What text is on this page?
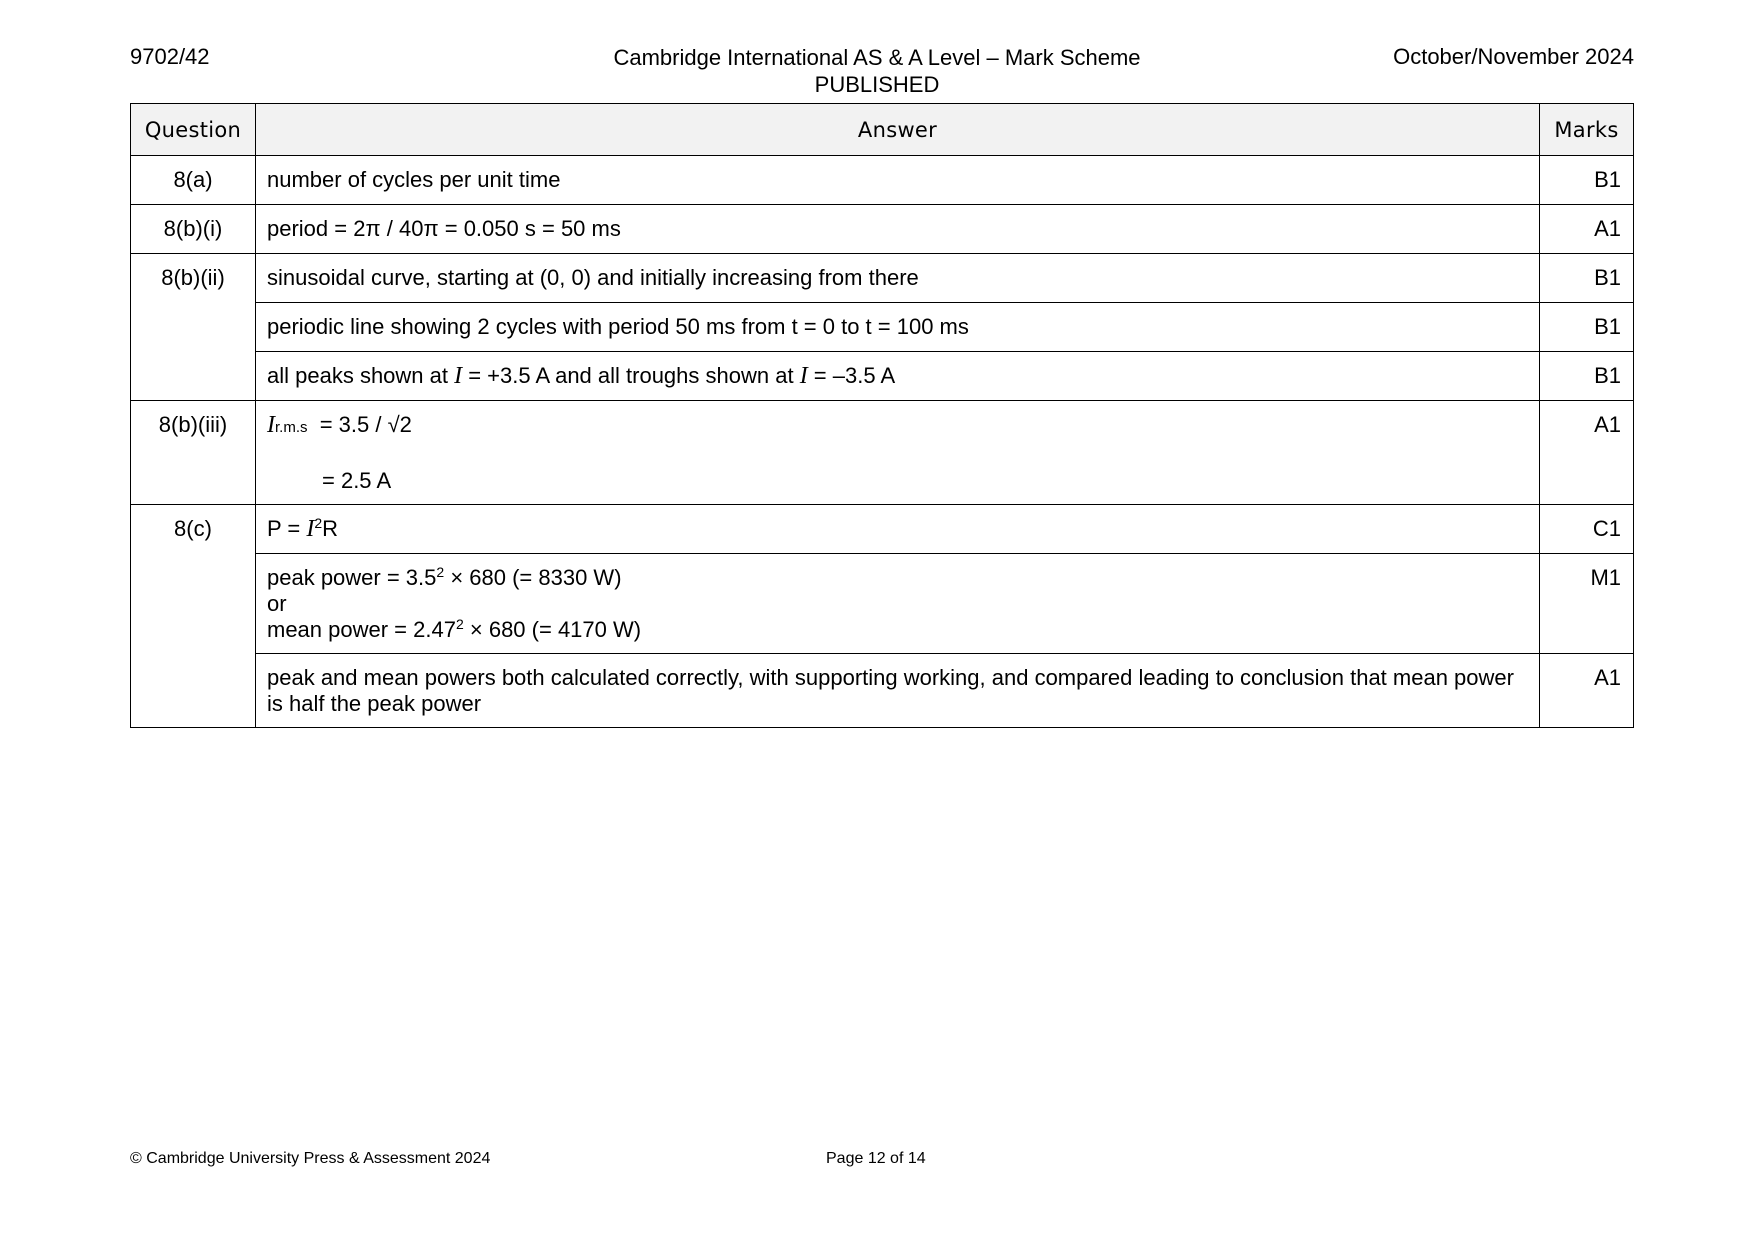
9702/42	Cambridge International AS & A Level – Mark Scheme
PUBLISHED
October/November 2024
Question	Answer	Marks
8(a)	number of cycles per unit time	B1
8(b)(i)	period = 2π / 40π = 0.050 s = 50 ms	A1
8(b)(ii)	sinusoidal curve, starting at (0, 0) and initially increasing from there	B1
	periodic line showing 2 cycles with period 50 ms from t = 0 to t = 100 ms	B1
	all peaks shown at I = +3.5 A and all troughs shown at I = –3.5 A	B1
8(b)(iii)	Ir.m.s  = 3.5 / √2
= 2.5 A	A1
8(c)	$P = I^2R$	C1
	peak power = $3.5^2 \times 680$ (= 8330 W)
or
mean power = $2.47^2 \times 680$ (= 4170 W)	M1
	peak and mean powers both calculated correctly, with supporting working, and compared leading to conclusion that mean power is half the peak power	A1
© Cambridge University Press & Assessment 2024	Page 12 of 14
